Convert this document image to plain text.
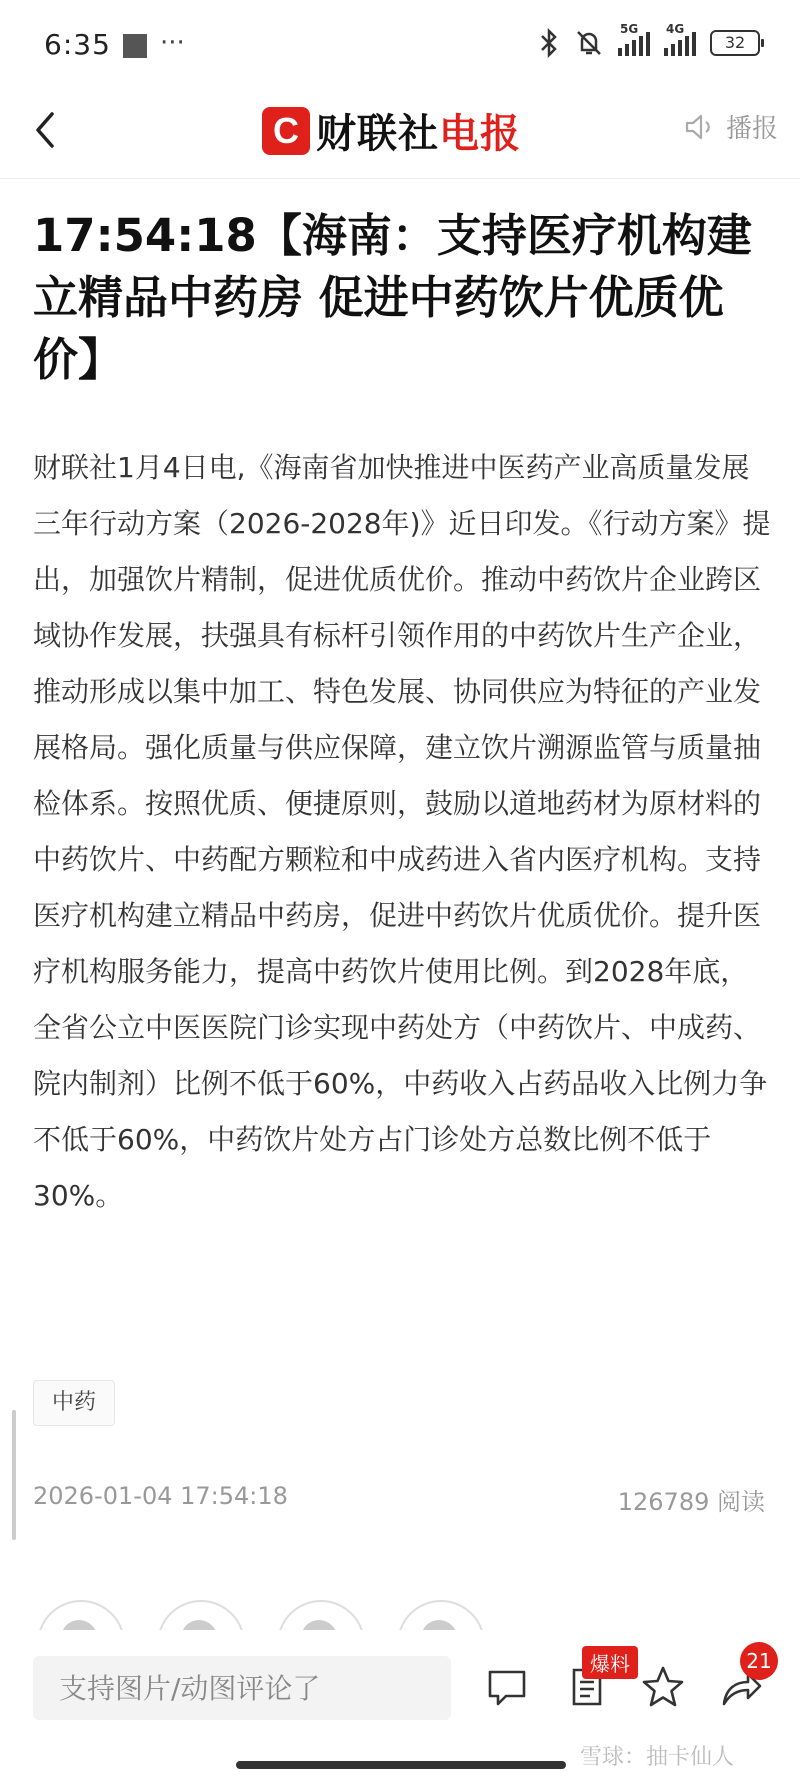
6:35 ···	5G 4G
32
C 财联社电报	播报
17:54:18【海南：支持医疗机构建立精品中药房 促进中药饮片优质优价】

财联社1月4日电,《海南省加快推进中医药产业高质量发展三年行动方案（2026-2028年)》近日印发。《行动方案》提出，加强饮片精制，促进优质优价。推动中药饮片企业跨区域协作发展，扶强具有标杆引领作用的中药饮片生产企业，推动形成以集中加工、特色发展、协同供应为特征的产业发展格局。强化质量与供应保障，建立饮片溯源监管与质量抽检体系。按照优质、便捷原则，鼓励以道地药材为原材料的中药饮片、中药配方颗粒和中成药进入省内医疗机构。支持医疗机构建立精品中药房，促进中药饮片优质优价。提升医疗机构服务能力，提高中药饮片使用比例。到2028年底，全省公立中医医院门诊实现中药处方（中药饮片、中成药、院内制剂）比例不低于60%，中药收入占药品收入比例力争不低于60%，中药饮片处方占门诊处方总数比例不低于30%。

中药
2026-01-04 17:54:18	126789 阅读
支持图片/动图评论了
爆料	21
雪球：抽卡仙人
